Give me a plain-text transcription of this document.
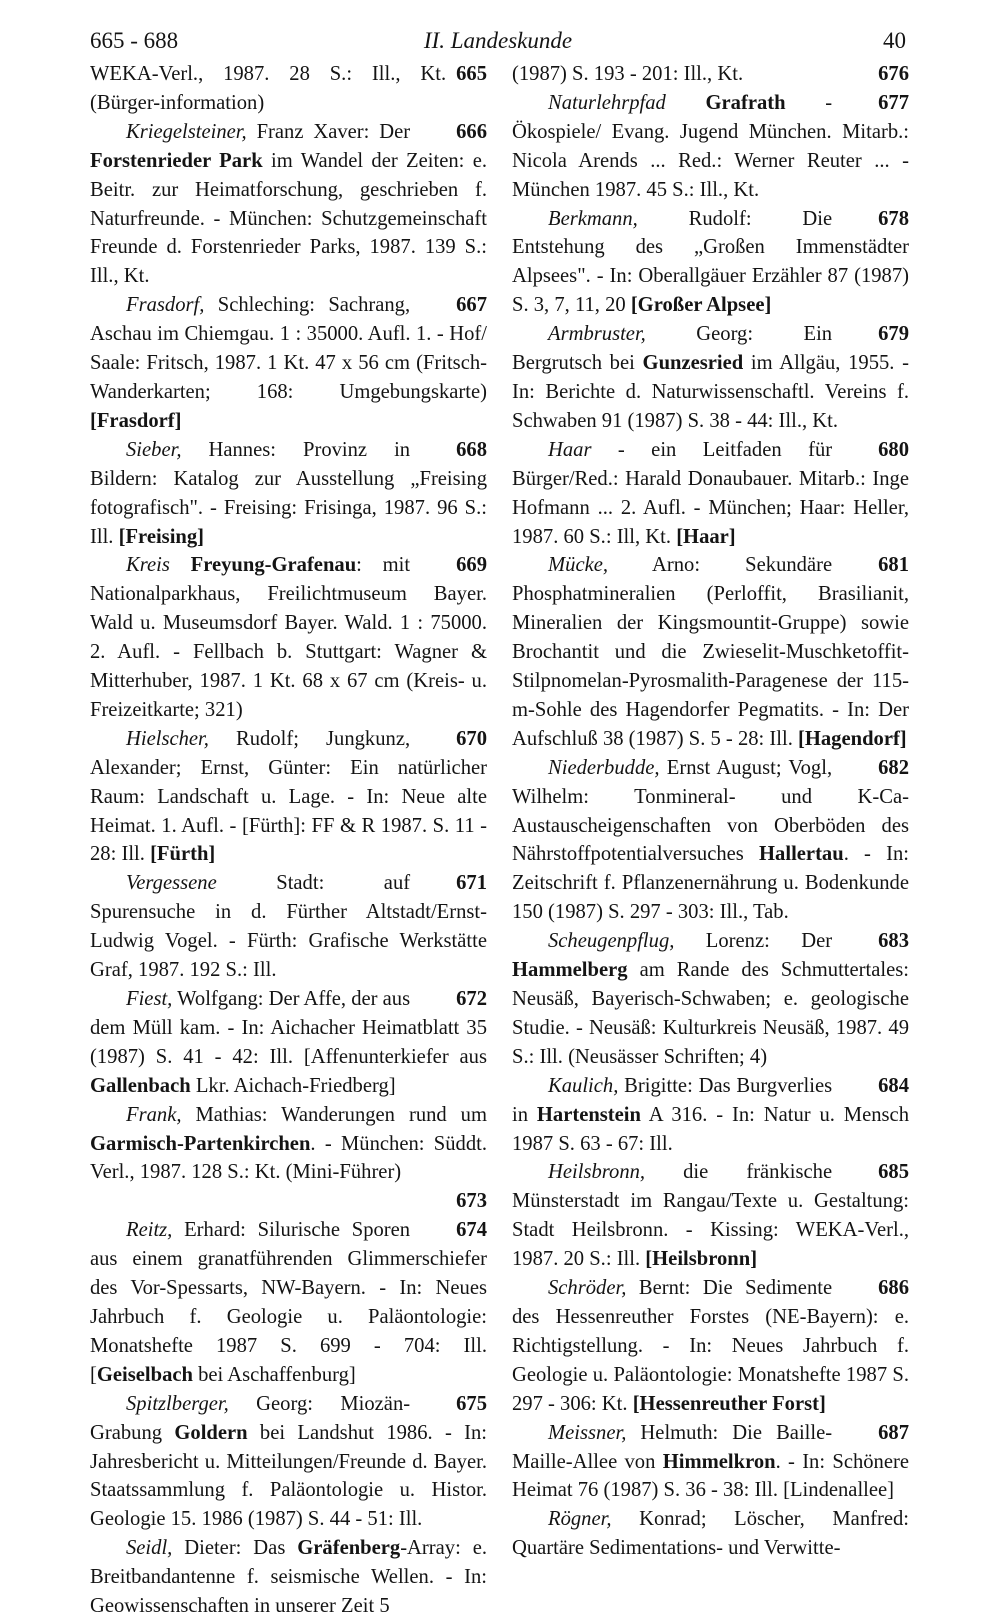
665 - 688	II. Landeskunde	40
665
WEKA-Verl., 1987. 28 S.: Ill., Kt. (Bürger-information)
666
Kriegelsteiner, Franz Xaver: Der Forstenrieder Park im Wandel der Zeiten: e. Beitr. zur Heimatforschung, geschrieben f. Naturfreunde. - München: Schutzgemeinschaft Freunde d. Forstenrieder Parks, 1987. 139 S.: Ill., Kt.
667
Frasdorf, Schleching: Sachrang, Aschau im Chiemgau. 1 : 35000. Aufl. 1. - Hof/ Saale: Fritsch, 1987. 1 Kt. 47 x 56 cm (Fritsch-Wanderkarten; 168: Umgebungskarte) [Frasdorf]
668
Sieber, Hannes: Provinz in Bildern: Katalog zur Ausstellung „Freising fotografisch". - Freising: Frisinga, 1987. 96 S.: Ill. [Freising]
669
Kreis Freyung-Grafenau: mit Nationalparkhaus, Freilichtmuseum Bayer. Wald u. Museumsdorf Bayer. Wald. 1 : 75000. 2. Aufl. - Fellbach b. Stuttgart: Wagner & Mitterhuber, 1987. 1 Kt. 68 x 67 cm (Kreis- u. Freizeitkarte; 321)
670
Hielscher, Rudolf; Jungkunz, Alexander; Ernst, Günter: Ein natürlicher Raum: Landschaft u. Lage. - In: Neue alte Heimat. 1. Aufl. - [Fürth]: FF & R 1987. S. 11 - 28: Ill. [Fürth]
671
Vergessene Stadt: auf Spurensuche in d. Fürther Altstadt/Ernst-Ludwig Vogel. - Fürth: Grafische Werkstätte Graf, 1987. 192 S.: Ill.
672
Fiest, Wolfgang: Der Affe, der aus dem Müll kam. - In: Aichacher Heimatblatt 35 (1987) S. 41 - 42: Ill. [Affenunterkiefer aus Gallenbach Lkr. Aichach-Friedberg]
Frank, Mathias: Wanderungen rund um Garmisch-Partenkirchen. - München: Süddt. Verl., 1987. 128 S.: Kt. (Mini-Führer)
673
674
Reitz, Erhard: Silurische Sporen aus einem granatführenden Glimmerschiefer des Vor-Spessarts, NW-Bayern. - In: Neues Jahrbuch f. Geologie u. Paläontologie: Monatshefte 1987 S. 699 - 704: Ill. [Geiselbach bei Aschaffenburg]
675
Spitzlberger, Georg: Miozän-Grabung Goldern bei Landshut 1986. - In: Jahresbericht u. Mitteilungen/Freunde d. Bayer. Staatssammlung f. Paläontologie u. Histor. Geologie 15. 1986 (1987) S. 44 - 51: Ill.
Seidl, Dieter: Das Gräfenberg-Array: e. Breitbandantenne f. seismische Wellen. - In: Geowissenschaften in unserer Zeit 5
676
(1987) S. 193 - 201: Ill., Kt.
677
Naturlehrpfad Grafrath - Ökospiele/ Evang. Jugend München. Mitarb.: Nicola Arends ... Red.: Werner Reuter ... - München 1987. 45 S.: Ill., Kt.
678
Berkmann, Rudolf: Die Entstehung des „Großen Immenstädter Alpsees". - In: Oberallgäuer Erzähler 87 (1987) S. 3, 7, 11, 20 [Großer Alpsee]
679
Armbruster, Georg: Ein Bergrutsch bei Gunzesried im Allgäu, 1955. - In: Berichte d. Naturwissenschaftl. Vereins f. Schwaben 91 (1987) S. 38 - 44: Ill., Kt.
680
Haar - ein Leitfaden für Bürger/Red.: Harald Donaubauer. Mitarb.: Inge Hofmann ... 2. Aufl. - München; Haar: Heller, 1987. 60 S.: Ill, Kt. [Haar]
681
Mücke, Arno: Sekundäre Phosphatmineralien (Perloffit, Brasilianit, Mineralien der Kingsmountit-Gruppe) sowie Brochantit und die Zwieselit-Muschketoffit-Stilpnomelan-Pyrosmalith-Paragenese der 115-m-Sohle des Hagendorfer Pegmatits. - In: Der Aufschluß 38 (1987) S. 5 - 28: Ill. [Hagendorf]
682
Niederbudde, Ernst August; Vogl, Wilhelm: Tonmineral- und K-Ca-Austauscheigenschaften von Oberböden des Nährstoffpotentialversuches Hallertau. - In: Zeitschrift f. Pflanzenernährung u. Bodenkunde 150 (1987) S. 297 - 303: Ill., Tab.
683
Scheugenpflug, Lorenz: Der Hammelberg am Rande des Schmuttertales: Neusäß, Bayerisch-Schwaben; e. geologische Studie. - Neusäß: Kulturkreis Neusäß, 1987. 49 S.: Ill. (Neusässer Schriften; 4)
684
Kaulich, Brigitte: Das Burgverlies in Hartenstein A 316. - In: Natur u. Mensch 1987 S. 63 - 67: Ill.
685
Heilsbronn, die fränkische Münsterstadt im Rangau/Texte u. Gestaltung: Stadt Heilsbronn. - Kissing: WEKA-Verl., 1987. 20 S.: Ill. [Heilsbronn]
686
Schröder, Bernt: Die Sedimente des Hessenreuther Forstes (NE-Bayern): e. Richtigstellung. - In: Neues Jahrbuch f. Geologie u. Paläontologie: Monatshefte 1987 S. 297 - 306: Kt. [Hessenreuther Forst]
687
Meissner, Helmuth: Die Baille-Maille-Allee von Himmelkron. - In: Schönere Heimat 76 (1987) S. 36 - 38: Ill. [Lindenallee]
Rögner, Konrad; Löscher, Manfred: Quartäre Sedimentations- und Verwitte-
